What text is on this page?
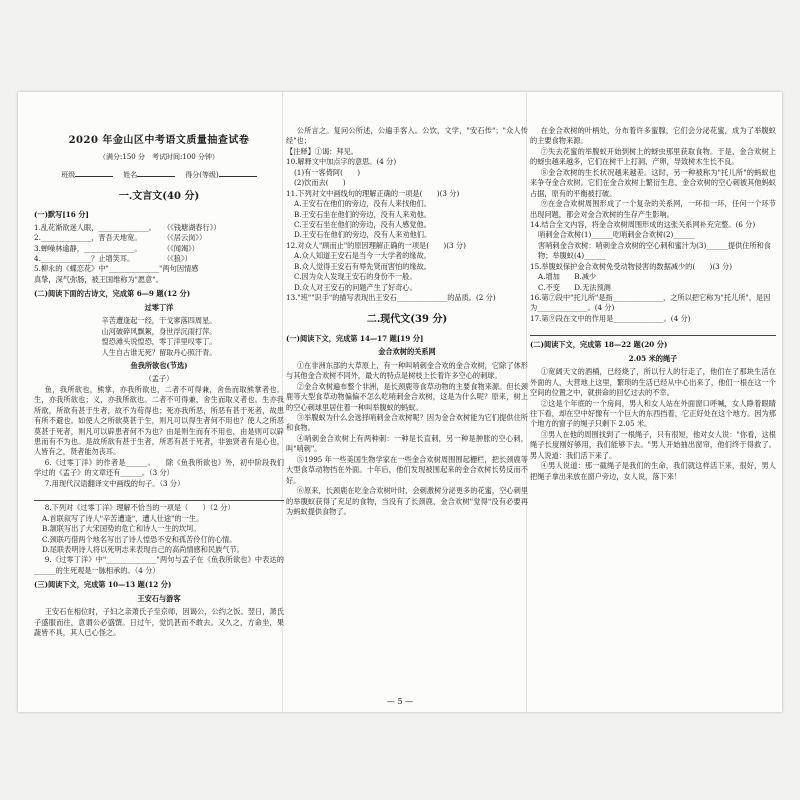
2020 年金山区中考语文质量抽查试卷
（满分:150 分　考试时间:100 分钟）
班级	姓名	得分(等级)
一.文言文(40 分)
(一)默写[16 分]
1.乱花渐欲迷人眼，______________。　　（《钱塘湖春行》）
2.______________，晋吾天地宽。　　　　（《居云岗》）
3.蝉噪林逾静，______________。　　　　（《闻竭》）
4.______________？止增笑耳。　　　　　（《狼》）
5.柳永的《蝶恋花》中"______________"两句因情感
真挚，深气弥肠，被王国维称为"愿意"。
(二)阅读下面的古诗文，完成第 6—9 题(12 分)
过零丁洋
辛苦遭逢起一经，干戈寥落四周星。
山河破碎风飘絮，身世浮沉雨打萍。
惶恐滩头说惶恐，零丁洋里叹零丁。
人生自古谁无死？留取丹心照汗青。
鱼我所欲也(节选)
（孟子）
鱼，我所欲也，熊掌，亦我所欲也，二者不可得兼，舍鱼而取熊掌者也。生，亦我所欲也；义，亦我所欲也。二者不可得兼，舍生而取义者也。生亦我所欲，所欲有甚于生者，故不为苟得也；死亦我所恶，所恶有甚于死者，故患有所不避也。如使人之所欲莫甚于生，则凡可以得生者何不用也？使人之所恶莫甚于死者，则凡可以辟患者何不为也？由是则生而有不用也，由是则可以辟患而有不为也。是故所欲有甚于生者，所恶有甚于死者，非独贤者有是心也，人皆有之，贤者能勿丧耳。
6.《过零丁洋》的作者是______。　　除《鱼我所欲也》外，初中阶段我们学过的《孟子》的文章还有______。（3 分）
7.用现代汉语翻译文中画线的句子。（3 分）
8.下列对《过零丁洋》理解不恰当的一项是（　　）（2 分）
A.首联叙写了诗人"辛苦遭逢"，遭人仕途"的一生。
B.颔联写出了大宋国势的危亡和诗人一生的坎坷。
C.颈联巧借两个地名写出了诗人惶恐不安和孤苦伶仃的心情。
D.尾联表明诗人将以死明志来表现自己的高尚情感和民族气节。
9.《过零丁洋》中"______________"两句与孟子在《鱼我所欲也》中表达的______的生死观是一脉相承的。（4 分）
(三)阅读下文，完成第 10—13 题(12 分)
王安石与游客
王安石在相位时，子妇之亲萧氏子至京师，因谒公，公约之饭。翌日，萧氏子盛服而往，意谓公必盛馔。日过午，觉饥甚而不敢去。又久之，方命坐，果蔬皆不具，其人已心怪之。
公所言之。复问公所述，公遍手客入。公饮，文学，"安石传"；"众人传经"也；
【注释】①谒：拜见。
10.解释文中加点字的意思。(4 分)
(1)有一客倚阿(　　)
(2)饮而去(　　)
11.下列对文中画线句的理解正确的一项是(　　)(3 分)
A.王安石在他们的旁边，没有人来找他们。
B.王安石坐在他们的旁边，没有人来劝他。
C.王安石坐在他们的旁边，没有人感觉他。
D.王安石在他们的旁边，没有人来劝他们。
12.对众人"顾而止"的原因理解正确的一项是(　　)(3 分)
A.众人知道王安石是当今一大学者的缘故。
B.众人觉得王安石有辱先贤而害怕的缘故。
C.因为众人发现王安石的身份不一般。
D.众人对王安石的问题产生了好奇心。
13."班""识手"的描写表现出王安石______________的品质。(2 分)
二.现代文(39 分)
(一)阅读下文，完成第 14—17 题[19 分]
金合欢树的关系网
①在非洲东部的大草原上，有一种叫哨刺金合欢的金合欢树，它除了体形与其他金合欢树不同外，最大的特点是树枝上长着许多空心的刺球。
②金合欢树遍布整个非洲，是长颈鹿等食草动物的主要食物来源。但长颈鹿等大型食草动物偏偏不怎么吃哨刺金合欢树，这是为什么呢？原来，树上的空心刺球里居住着一种叫举腹蚁的蚂蚁。
③举腹蚁为什么会选择哨刺金合欢树呢？因为金合欢树能为它们提供住所和食物。
④哨刺金合欢树上有两种刺：一种是长直刺，另一种是肿胀的空心刺，叫"哨刺"。
⑤1995 年一些美国生物学家在一些金合欢树周围围起栅栏，把长颈鹿等大型食草动物挡在外面。十年后，他们发现被围起来的金合欢树长势反而不好。
⑥原来，长颈鹿在吃金合欢树叶时，会刺激树分泌更多的花蜜，空心刺里的举腹蚁获得了充足的食物，当没有了长颈鹿，金合欢树"觉得"没有必要再为蚂蚁提供食物了。
在金合欢树的叶柄处，分布着许多蜜腺，它们会分泌花蜜，成为了举腹蚁的主要食物来源。
⑦失去花蜜的举腹蚁开始到树上的蚜虫那里获取食物。于是，金合欢树上的蚜虫越来越多，它们在树干上打洞、产卵，导致树木生长不良。
⑧金合欢树的生长状况越来越差。这时，另一种被称为"托儿所"的蚂蚁也来争夺金合欢树。它们在金合欢树上繁衍生息，金合欢树的空心刺被其他蚂蚁占据，原有的平衡被打破。
⑨在金合欢树周围形成了一个复杂的关系网，一环扣一环，任何一个环节出现问题，都会对金合欢树的生存产生影响。
14.结合全文内容，将金合欢树周围形成的这张关系网补充完整。(6 分)
哨刺金合欢树(1)______吃哨刺金合欢树(2)______
害哨刺金合欢树：哨刺金合欢树的空心刺和蜜汁为(3)______提供住所和食物；举腹蚁(4)______
15.举腹蚁保护金合欢树免受动物侵害的数据减少的(　　)(3 分)
A.增加　　B.减少
C.不变　　D.无法预测
16.第⑦段中"托儿所"是指______________，之所以把它称为"托儿所"，是因为______________。(4 分)
17.第⑨段在文中的作用是______________。(4 分)
(二)阅读下文，完成第 18—22 题(20 分)
2.05 米的绳子
①宽阔天文的酒桶，已经烧了，所以行人的行走了，他们在了那块生活在外面的人，大营地上这里，繁琐的生活已经从中心出来了，他们一根在这一个空间的位置之中，就拼命的回忆过去的不幸。
②这是个年底的一个房间，男人和女人站在外面窗口呼喊，女人睁着眼睛往下看，却在空中好像有一个巨大的东西挡着，它正好处在这个地方。因为那个地方的窗子的绳子只剩下 2.05 米。
③男人在他的周围找到了一根绳子，只有很短，他对女人说："你看，这根绳子长度刚好够用，我们能够下去。"男人开始抽出窗帘，他们终于得救了。男人说道：我们活下来了。
④男人说道：那一截绳子是我们的生命，我们就这样活下来，很好，男人把绳子拿出来放在窗户旁边，女人说，落下来！
— 5 —
